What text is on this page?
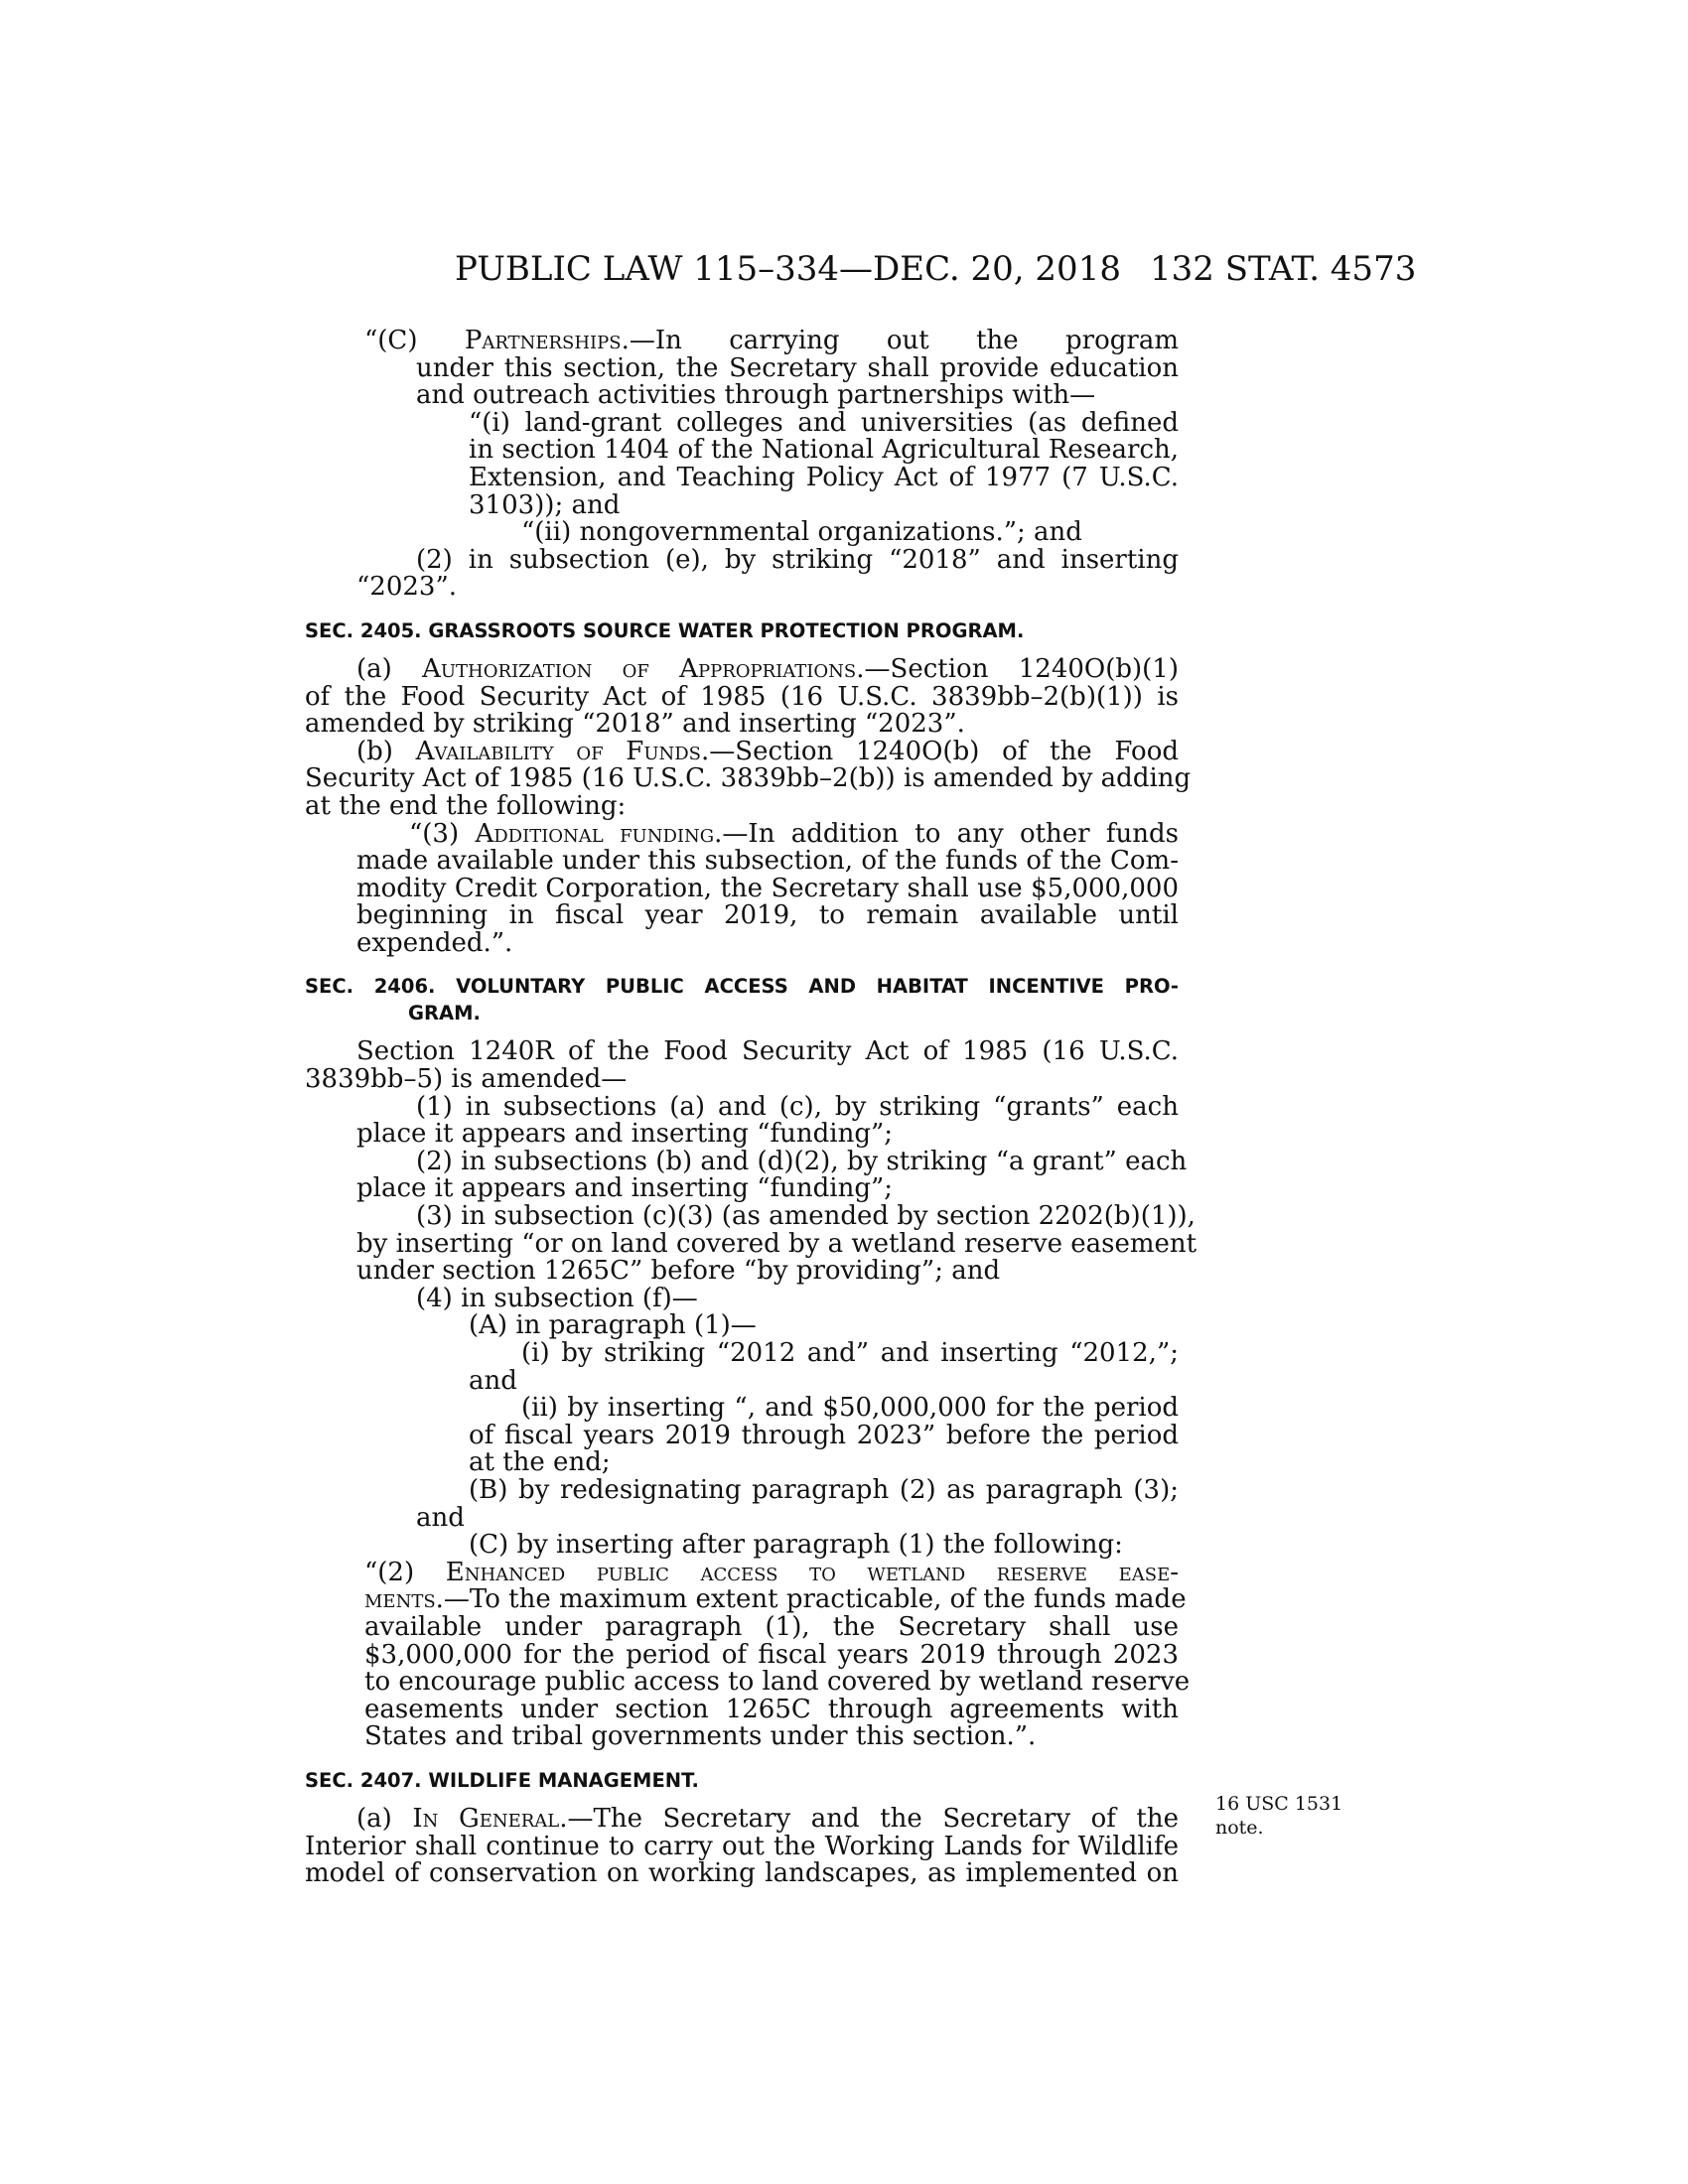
PUBLIC LAW 115–334—DEC. 20, 2018 132 STAT. 4573
16 USC 1531
note.
“(C) Partnerships.—In carrying out the program
under this section, the Secretary shall provide education
and outreach activities through partnerships with—
“(i) land-grant colleges and universities (as defined
in section 1404 of the National Agricultural Research,
Extension, and Teaching Policy Act of 1977 (7 U.S.C.
3103)); and
“(ii) nongovernmental organizations.”; and
(2) in subsection (e), by striking “2018” and inserting
“2023”.
SEC. 2405. GRASSROOTS SOURCE WATER PROTECTION PROGRAM.
(a) Authorization of Appropriations.—Section 1240O(b)(1)
of the Food Security Act of 1985 (16 U.S.C. 3839bb–2(b)(1)) is
amended by striking “2018” and inserting “2023”.
(b) Availability of Funds.—Section 1240O(b) of the Food
Security Act of 1985 (16 U.S.C. 3839bb–2(b)) is amended by adding
at the end the following:
“(3) Additional funding.—In addition to any other funds
made available under this subsection, of the funds of the Com-
modity Credit Corporation, the Secretary shall use $5,000,000
beginning in fiscal year 2019, to remain available until
expended.”.
SEC. 2406. VOLUNTARY PUBLIC ACCESS AND HABITAT INCENTIVE PRO-
GRAM.
Section 1240R of the Food Security Act of 1985 (16 U.S.C.
3839bb–5) is amended—
(1) in subsections (a) and (c), by striking “grants” each
place it appears and inserting “funding”;
(2) in subsections (b) and (d)(2), by striking “a grant” each
place it appears and inserting “funding”;
(3) in subsection (c)(3) (as amended by section 2202(b)(1)),
by inserting “or on land covered by a wetland reserve easement
under section 1265C” before “by providing”; and
(4) in subsection (f)—
(A) in paragraph (1)—
(i) by striking “2012 and” and inserting “2012,”;
and
(ii) by inserting “, and $50,000,000 for the period
of fiscal years 2019 through 2023” before the period
at the end;
(B) by redesignating paragraph (2) as paragraph (3);
and
(C) by inserting after paragraph (1) the following:
“(2) Enhanced public access to wetland reserve ease-
ments.—To the maximum extent practicable, of the funds made
available under paragraph (1), the Secretary shall use
$3,000,000 for the period of fiscal years 2019 through 2023
to encourage public access to land covered by wetland reserve
easements under section 1265C through agreements with
States and tribal governments under this section.”.
SEC. 2407. WILDLIFE MANAGEMENT.
(a) In General.—The Secretary and the Secretary of the
Interior shall continue to carry out the Working Lands for Wildlife
model of conservation on working landscapes, as implemented on
